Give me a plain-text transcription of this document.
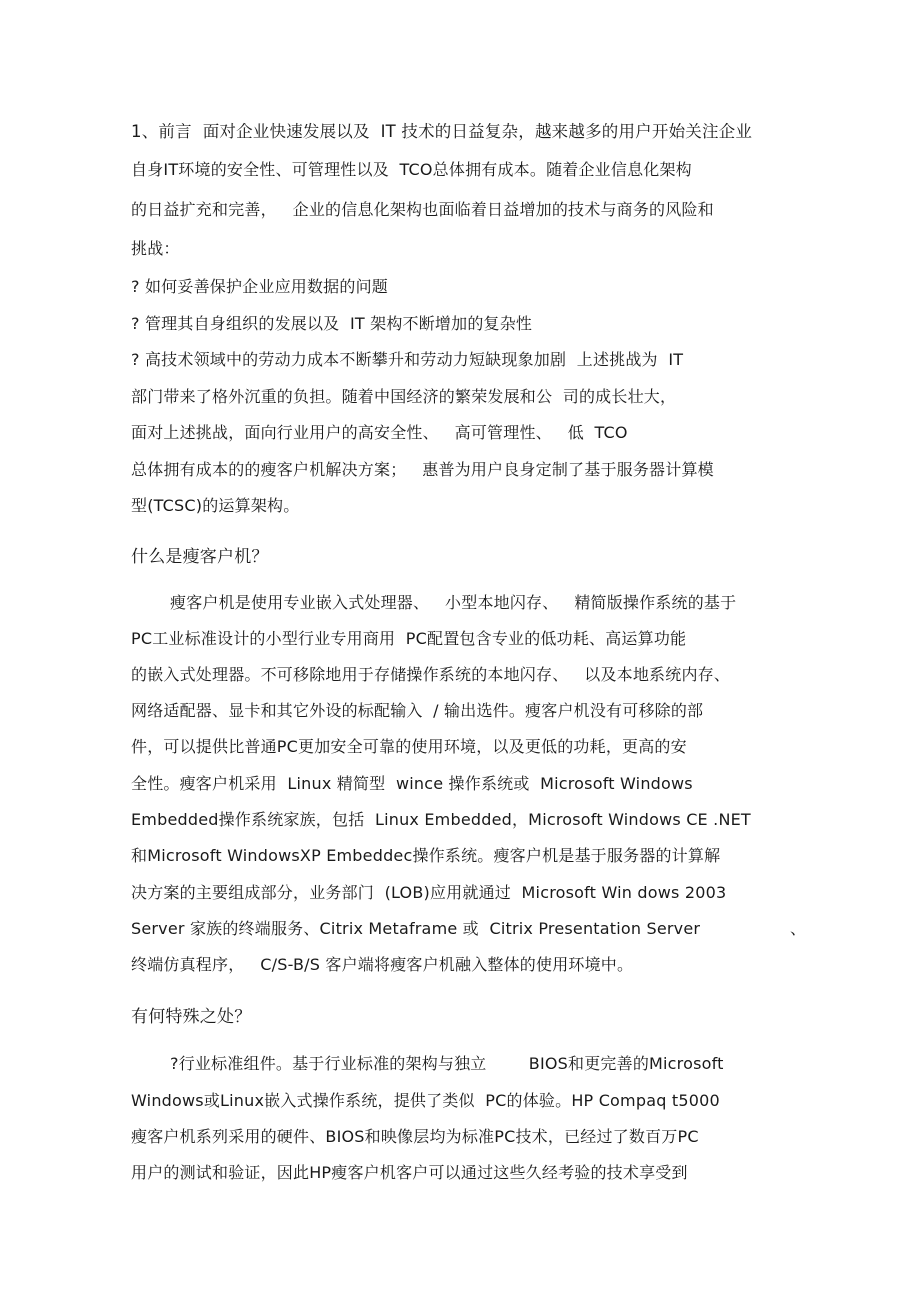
1、前言  面对企业快速发展以及  IT 技术的日益复杂，越来越多的用户开始关注企业
自身IT环境的安全性、可管理性以及  TCO总体拥有成本。随着企业信息化架构
的日益扩充和完善，   企业的信息化架构也面临着日益增加的技术与商务的风险和
挑战：
? 如何妥善保护企业应用数据的问题
? 管理其自身组织的发展以及  IT 架构不断增加的复杂性
? 高技术领域中的劳动力成本不断攀升和劳动力短缺现象加剧  上述挑战为  IT
部门带来了格外沉重的负担。随着中国经济的繁荣发展和公  司的成长壮大，
面对上述挑战，面向行业用户的高安全性、   高可管理性、   低  TCO
总体拥有成本的的瘦客户机解决方案；   惠普为用户良身定制了基于服务器计算模
型(TCSC)的运算架构。
什么是瘦客户机？
瘦客户机是使用专业嵌入式处理器、   小型本地闪存、   精简版操作系统的基于
PC工业标准设计的小型行业专用商用  PC配置包含专业的低功耗、高运算功能
的嵌入式处理器。不可移除地用于存储操作系统的本地闪存、   以及本地系统内存、
网络适配器、显卡和其它外设的标配输入  / 输出选件。瘦客户机没有可移除的部
件，可以提供比普通PC更加安全可靠的使用环境，以及更低的功耗，更高的安
全性。瘦客户机采用  Linux 精简型  wince 操作系统或  Microsoft Windows
Embedded操作系统家族，包括  Linux Embedded，Microsoft Windows CE .NET
和Microsoft WindowsXP Embeddec操作系统。瘦客户机是基于服务器的计算解
决方案的主要组成部分，业务部门  (LOB)应用就通过  Microsoft Win dows 2003
Server 家族的终端服务、Citrix Metaframe 或  Citrix Presentation Server                 、
终端仿真程序，   C/S-B/S 客户端将瘦客户机融入整体的使用环境中。
有何特殊之处？
?行业标准组件。基于行业标准的架构与独立        BIOS和更完善的Microsoft
Windows或Linux嵌入式操作系统，提供了类似  PC的体验。HP Compaq t5000
瘦客户机系列采用的硬件、BIOS和映像层均为标准PC技术，已经过了数百万PC
用户的测试和验证，因此HP瘦客户机客户可以通过这些久经考验的技术享受到
